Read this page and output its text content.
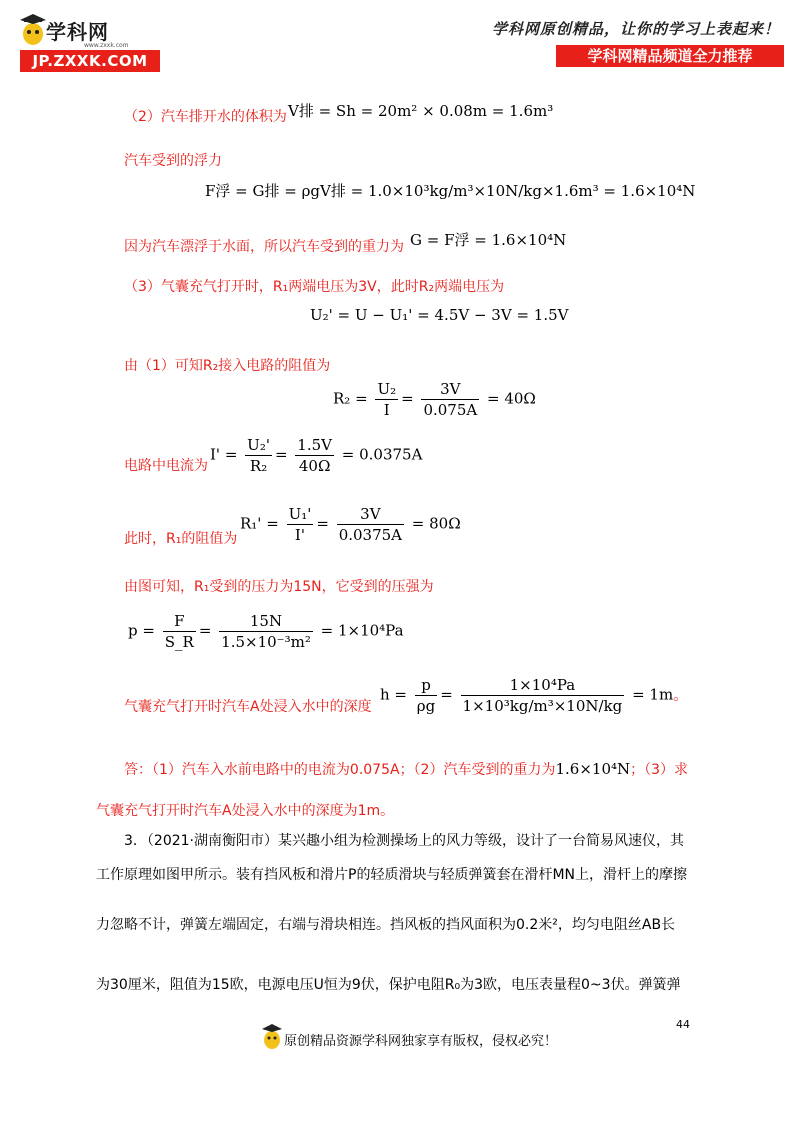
学科网
www.zxxk.com
JP.ZXXK.COM
学科网原创精品，让你的学习上表起来！
学科网精品频道全力推荐
（2）汽车排开水的体积为 V排 = Sh = 20m² × 0.08m = 1.6m³
汽车受到的浮力
F浮 = G排 = ρgV排 = 1.0×10³kg/m³×10N/kg×1.6m³ = 1.6×10⁴N
因为汽车漂浮于水面，所以汽车受到的重力为 G = F浮 = 1.6×10⁴N
（3）气囊充气打开时，R₁两端电压为3V，此时R₂两端电压为
U₂' = U − U₁' = 4.5V − 3V = 1.5V
由（1）可知R₂接入电路的阻值为
$R_2 = \frac{\text{U₂}}{I} = \frac{3V}{0.075A} = 40\Omega$
电路中电流为
$I' = \frac{\text{U₂'}}{\text{R₂}} = \frac{1.5V}{40\Omega} = 0.0375A$
此时，R₁的阻值为
$R_1' = \frac{\text{U₁'}}{I'} = \frac{3V}{0.0375A} = 80\Omega$
由图可知，R₁受到的压力为15N，它受到的压强为
$p = \frac{F}{S\_R} = \frac{15N}{\text{1.5×10⁻³m²}} = 1\times 10^4Pa$
气囊充气打开时汽车A处浸入水中的深度
$h = \frac{p}{\rho g} = \frac{\text{1×10⁴Pa}}{\text{1×10³kg/m³×10N/kg}} = 1m$。
答：（1）汽车入水前电路中的电流为0.075A；（2）汽车受到的重力为1.6×10⁴N；（3）求
气囊充气打开时汽车A处浸入水中的深度为1m。
3．（2021·湖南衡阳市）某兴趣小组为检测操场上的风力等级，设计了一台简易风速仪，其
工作原理如图甲所示。装有挡风板和滑片P的轻质滑块与轻质弹簧套在滑杆MN上，滑杆上的摩擦
力忽略不计，弹簧左端固定，右端与滑块相连。挡风板的挡风面积为0.2米²，均匀电阻丝AB长
为30厘米，阻值为15欧，电源电压U恒为9伏，保护电阻R₀为3欧，电压表量程0~3伏。弹簧弹
44
原创精品资源学科网独家享有版权，侵权必究！
